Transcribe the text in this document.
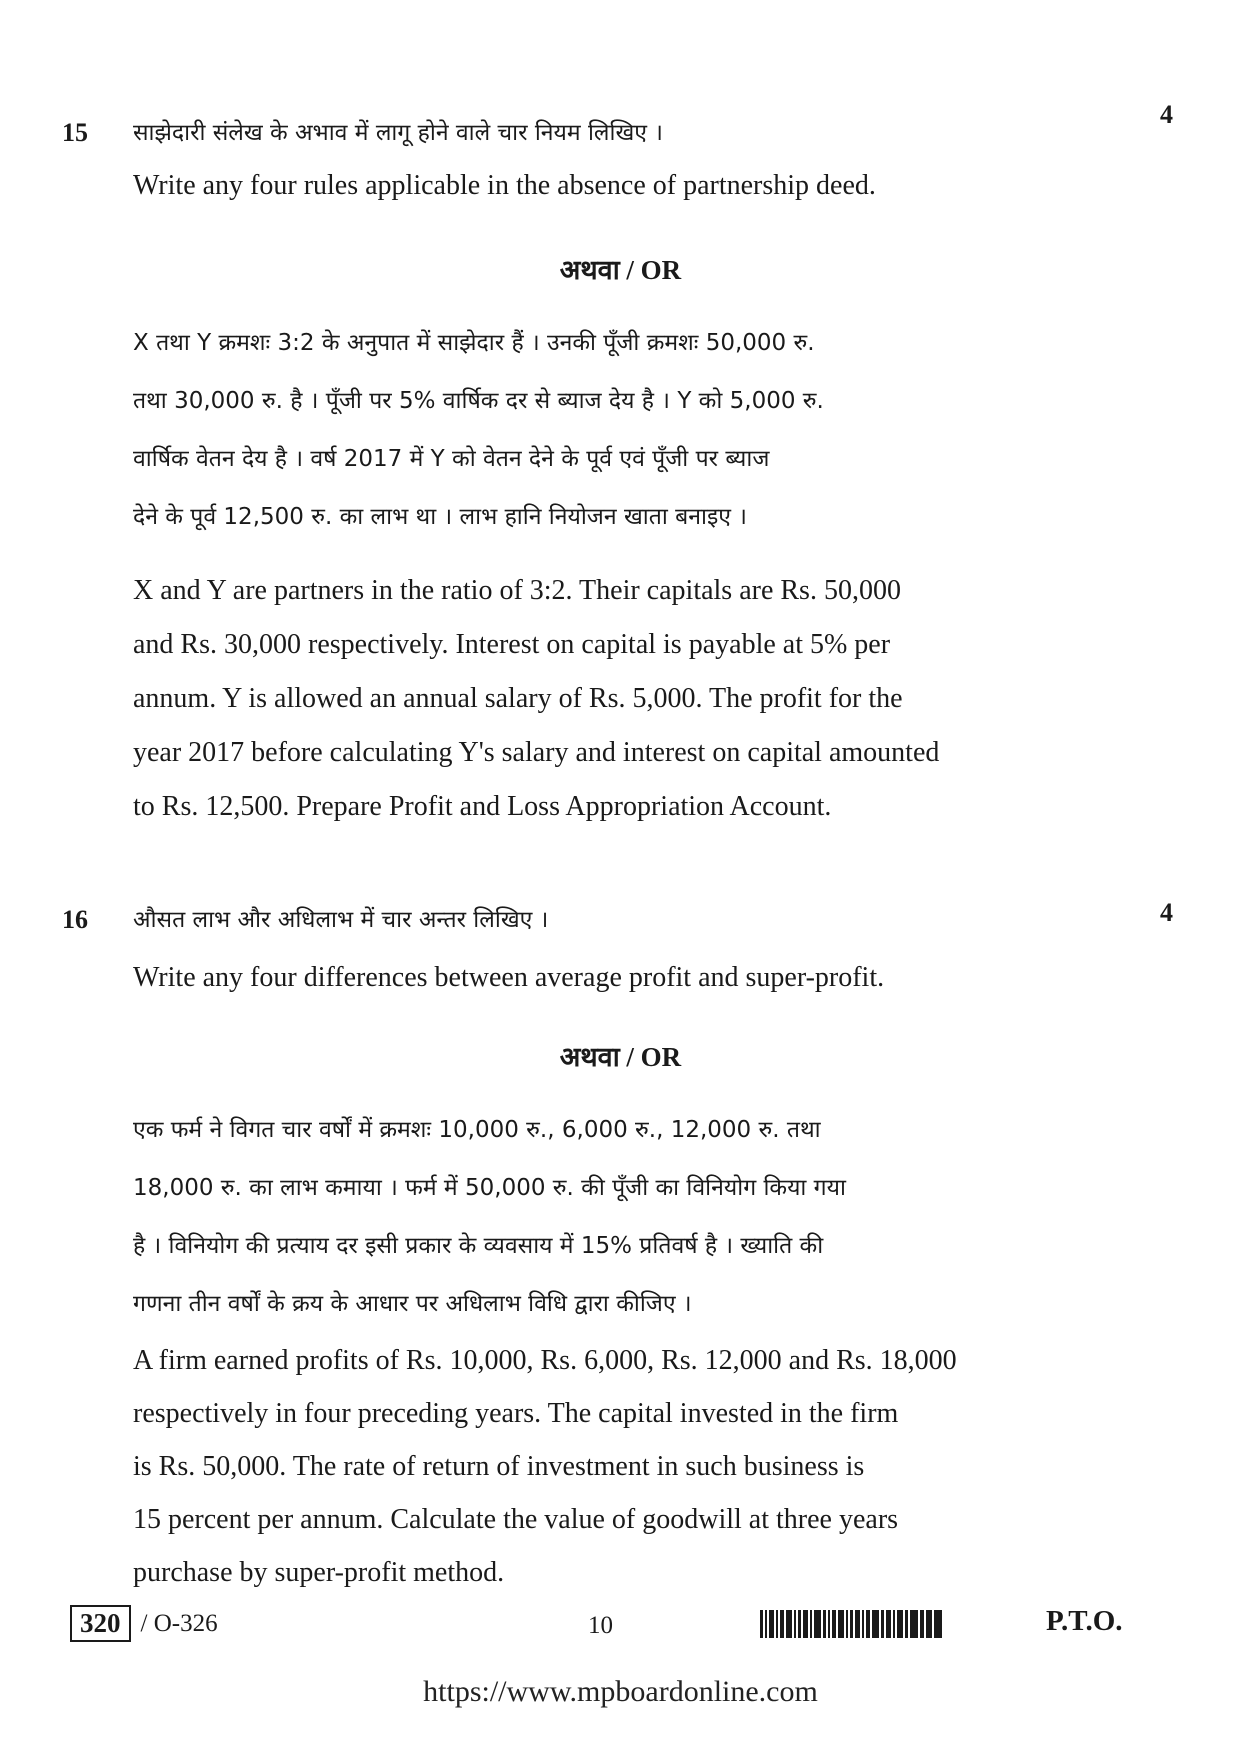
15
4
साझेदारी संलेख के अभाव में लागू होने वाले चार नियम लिखिए ।
Write any four rules applicable in the absence of partnership deed.
अथवा / OR
X तथा Y क्रमशः 3:2 के अनुपात में साझेदार हैं । उनकी पूँजी क्रमशः 50,000 रु.
तथा 30,000 रु. है । पूँजी पर 5% वार्षिक दर से ब्याज देय है । Y को 5,000 रु.
वार्षिक वेतन देय है । वर्ष 2017 में Y को वेतन देने के पूर्व एवं पूँजी पर ब्याज
देने के पूर्व 12,500 रु. का लाभ था । लाभ हानि नियोजन खाता बनाइए ।
X and Y are partners in the ratio of 3:2. Their capitals are Rs. 50,000
and Rs. 30,000 respectively. Interest on capital is payable at 5% per
annum. Y is allowed an annual salary of Rs. 5,000. The profit for the
year 2017 before calculating Y's salary and interest on capital amounted
to Rs. 12,500. Prepare Profit and Loss Appropriation Account.
16	4
औसत लाभ और अधिलाभ में चार अन्तर लिखिए ।
Write any four differences between average profit and super-profit.
अथवा / OR
एक फर्म ने विगत चार वर्षों में क्रमशः 10,000 रु., 6,000 रु., 12,000 रु. तथा
18,000 रु. का लाभ कमाया । फर्म में 50,000 रु. की पूँजी का विनियोग किया गया
है । विनियोग की प्रत्याय दर इसी प्रकार के व्यवसाय में 15% प्रतिवर्ष है । ख्याति की
गणना तीन वर्षों के क्रय के आधार पर अधिलाभ विधि द्वारा कीजिए ।
A firm earned profits of Rs. 10,000, Rs. 6,000, Rs. 12,000 and Rs. 18,000
respectively in four preceding years. The capital invested in the firm
is Rs. 50,000. The rate of return of investment in such business is
15 percent per annum. Calculate the value of goodwill at three years
purchase by super-profit method.
320 / O-326	10	P.T.O.
https://www.mpboardonline.com
